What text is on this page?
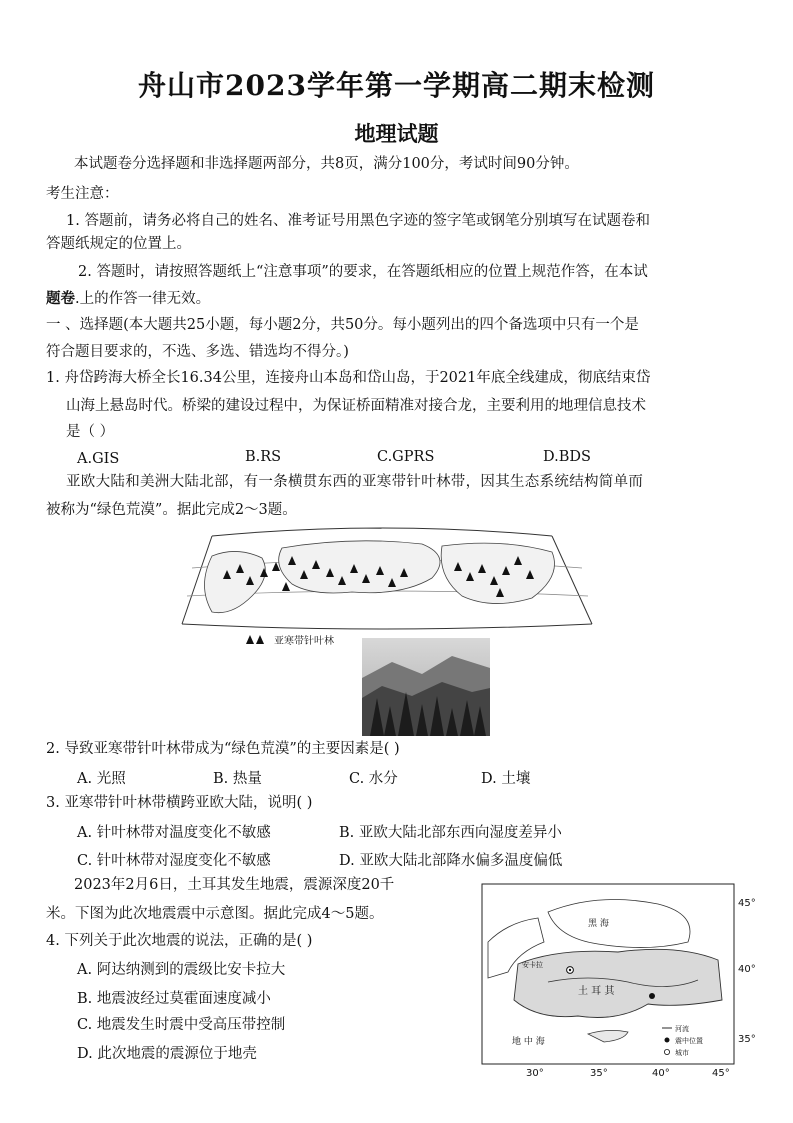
舟山市2023学年第一学期高二期末检测
地理试题
本试题卷分选择题和非选择题两部分，共8页，满分100分，考试时间90分钟。
考生注意：
1. 答题前，请务必将自己的姓名、准考证号用黑色字迹的签字笔或钢笔分别填写在试题卷和
答题纸规定的位置上。
2. 答题时，请按照答题纸上“注意事项”的要求，在答题纸相应的位置上规范作答，在本试
题卷.上的作答一律无效。
一 、选择题(本大题共25小题，每小题2分，共50分。每小题列出的四个备选项中只有一个是
符合题目要求的，不选、多选、错选均不得分。)
1. 舟岱跨海大桥全长16.34公里，连接舟山本岛和岱山岛，于2021年底全线建成，彻底结束岱
山海上悬岛时代。桥梁的建设过程中，为保证桥面精准对接合龙，主要利用的地理信息技术
是（ ）
A.GIS	B.RS	C.GPRS	D.BDS
亚欧大陆和美洲大陆北部，有一条横贯东西的亚寒带针叶林带，因其生态系统结构简单而
被称为“绿色荒漠”。据此完成2～3题。
亚寒带针叶林
2. 导致亚寒带针叶林带成为“绿色荒漠”的主要因素是( )
A. 光照	B. 热量	C. 水分	D. 土壤
3. 亚寒带针叶林带横跨亚欧大陆，说明( )
A. 针叶林带对温度变化不敏感	B. 亚欧大陆北部东西向湿度差异小
C. 针叶林带对湿度变化不敏感	D. 亚欧大陆北部降水偏多温度偏低
2023年2月6日，土耳其发生地震，震源深度20千
米。下图为此次地震震中示意图。据此完成4～5题。
4. 下列关于此次地震的说法，正确的是( )
A. 阿达纳测到的震级比安卡拉大
B. 地震波经过莫霍面速度减小
C. 地震发生时震中受高压带控制
D. 此次地震的震源位于地壳
安卡拉
黑 海
土 耳 其
地 中 海
45°
40°
35°
30°	35°	40°	45°
河流
震中位置
城市
